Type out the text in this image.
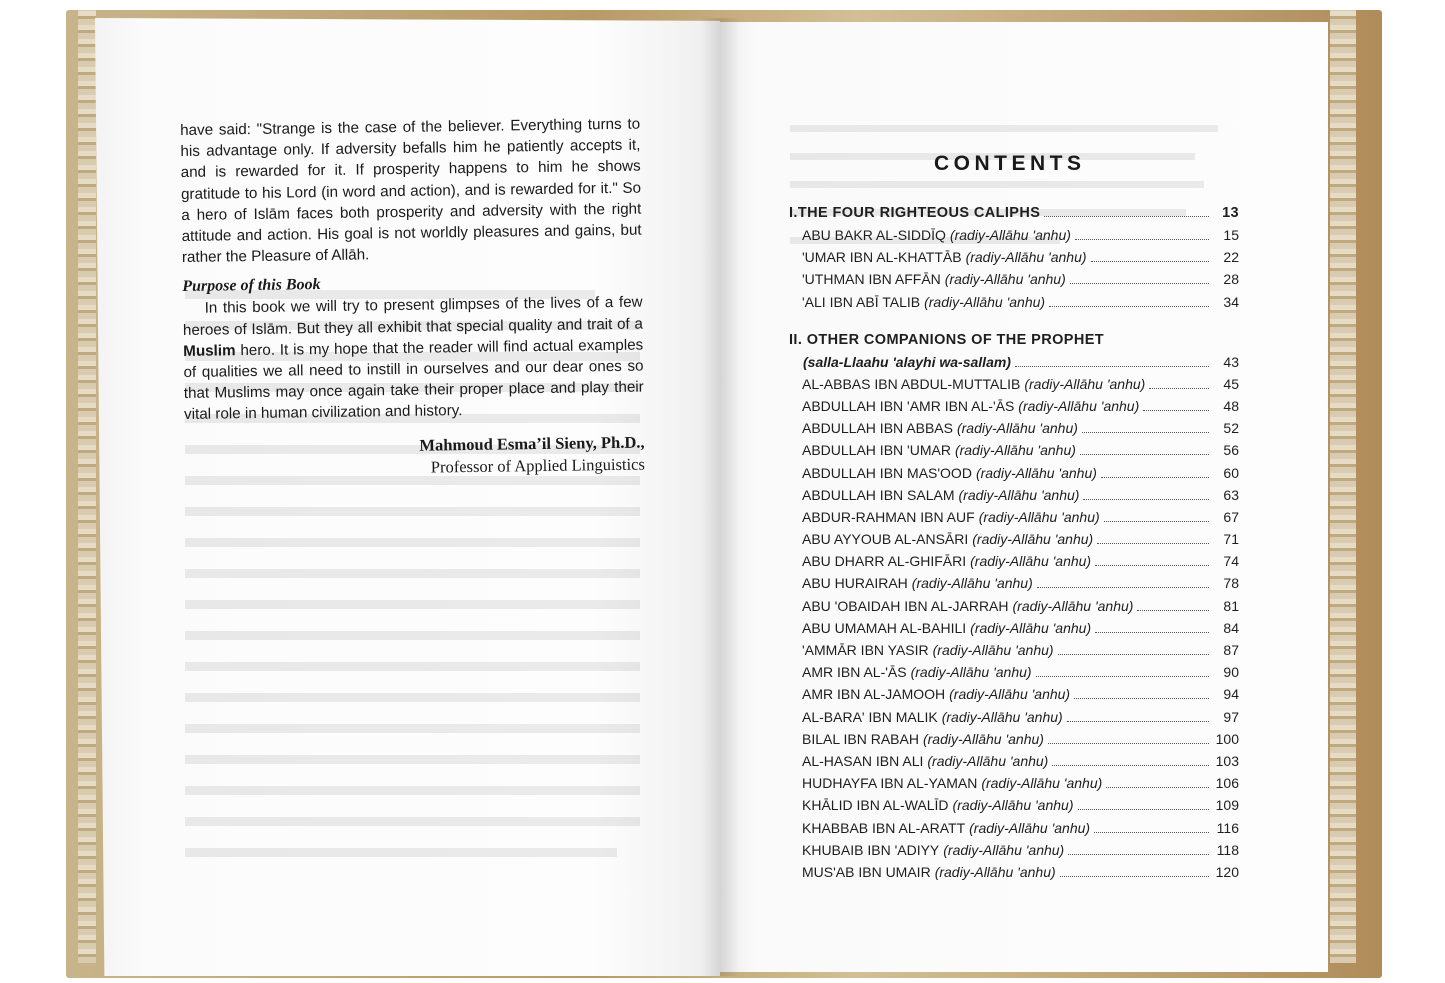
have said: "Strange is the case of the believer. Everything turns to his advantage only. If adversity befalls him he patiently accepts it, and is rewarded for it. If prosperity happens to him he shows gratitude to his Lord (in word and action), and is rewarded for it." So a hero of Islām faces both prosperity and adversity with the right attitude and action. His goal is not worldly pleasures and gains, but rather the Pleasure of Allāh.

Purpose of this Book

In this book we will try to present glimpses of the lives of a few heroes of Islām. But they all exhibit that special quality and trait of a Muslim hero. It is my hope that the reader will find actual examples of qualities we all need to instill in ourselves and our dear ones so that Muslims may once again take their proper place and play their vital role in human civilization and history.

Mahmoud Esma’il Sieny, Ph.D.,
Professor of Applied Linguistics
CONTENTS
I.THE FOUR RIGHTEOUS CALIPHS	13
ABU BAKR AL-SIDDĪQ (radiy-Allāhu 'anhu)	15
'UMAR IBN AL-KHATTĀB (radiy-Allāhu 'anhu)	22
'UTHMAN IBN AFFĀN (radiy-Allāhu 'anhu)	28
'ALI IBN ABĪ TALIB (radiy-Allāhu 'anhu)	34
II. OTHER COMPANIONS OF THE PROPHET
(salla-Llaahu 'alayhi wa-sallam)	43
AL-ABBAS IBN ABDUL-MUTTALIB (radiy-Allāhu 'anhu)	45
ABDULLAH IBN 'AMR IBN AL-'ĀS (radiy-Allāhu 'anhu)	48
ABDULLAH IBN ABBAS (radiy-Allāhu 'anhu)	52
ABDULLAH IBN 'UMAR (radiy-Allāhu 'anhu)	56
ABDULLAH IBN MAS'OOD (radiy-Allāhu 'anhu)	60
ABDULLAH IBN SALAM (radiy-Allāhu 'anhu)	63
ABDUR-RAHMAN IBN AUF (radiy-Allāhu 'anhu)	67
ABU AYYOUB AL-ANSĀRI (radiy-Allāhu 'anhu)	71
ABU DHARR AL-GHIFĀRI (radiy-Allāhu 'anhu)	74
ABU HURAIRAH (radiy-Allāhu 'anhu)	78
ABU 'OBAIDAH IBN AL-JARRAH (radiy-Allāhu 'anhu)	81
ABU UMAMAH AL-BAHILI (radiy-Allāhu 'anhu)	84
'AMMĀR IBN YASIR (radiy-Allāhu 'anhu)	87
AMR IBN AL-'ĀS (radiy-Allāhu 'anhu)	90
AMR IBN AL-JAMOOH (radiy-Allāhu 'anhu)	94
AL-BARA' IBN MALIK (radiy-Allāhu 'anhu)	97
BILAL IBN RABAH (radiy-Allāhu 'anhu)	100
AL-HASAN IBN ALI (radiy-Allāhu 'anhu)	103
HUDHAYFA IBN AL-YAMAN (radiy-Allāhu 'anhu)	106
KHĀLID IBN AL-WALĪD (radiy-Allāhu 'anhu)	109
KHABBAB IBN AL-ARATT (radiy-Allāhu 'anhu)	116
KHUBAIB IBN 'ADIYY (radiy-Allāhu 'anhu)	118
MUS'AB IBN UMAIR (radiy-Allāhu 'anhu)	120
